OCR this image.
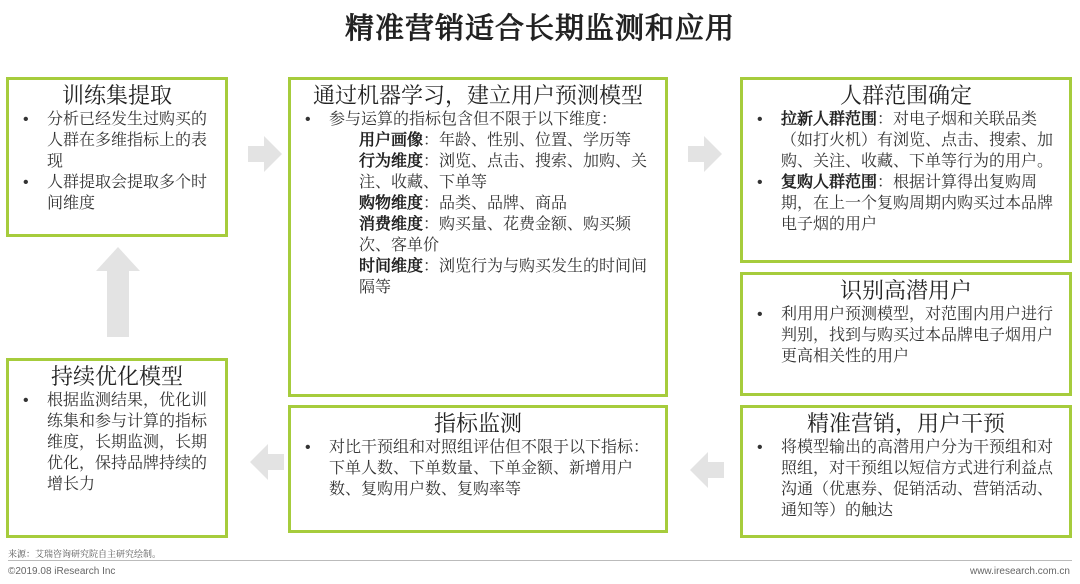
精准营销适合长期监测和应用
训练集提取
• 分析已经发生过购买的人群在多维指标上的表现
• 人群提取会提取多个时间维度
通过机器学习，建立用户预测模型
• 参与运算的指标包含但不限于以下维度：
用户画像：年龄、性别、位置、学历等
行为维度：浏览、点击、搜索、加购、关注、收藏、下单等
购物维度：品类、品牌、商品
消费维度：购买量、花费金额、购买频次、客单价
时间维度：浏览行为与购买发生的时间间隔等
人群范围确定
• 拉新人群范围：对电子烟和关联品类（如打火机）有浏览、点击、搜索、加购、关注、收藏、下单等行为的用户。
• 复购人群范围：根据计算得出复购周期，在上一个复购周期内购买过本品牌电子烟的用户
识别高潜用户
• 利用用户预测模型，对范围内用户进行判别，找到与购买过本品牌电子烟用户更高相关性的用户
持续优化模型
• 根据监测结果，优化训练集和参与计算的指标维度，长期监测，长期优化，保持品牌持续的增长力
指标监测
• 对比干预组和对照组评估但不限于以下指标：下单人数、下单数量、下单金额、新增用户数、复购用户数、复购率等
精准营销，用户干预
• 将模型输出的高潜用户分为干预组和对照组，对干预组以短信方式进行利益点沟通（优惠券、促销活动、营销活动、通知等）的触达
来源：艾瑞咨询研究院自主研究绘制。
©2019.08 iResearch Inc	www.iresearch.com.cn
